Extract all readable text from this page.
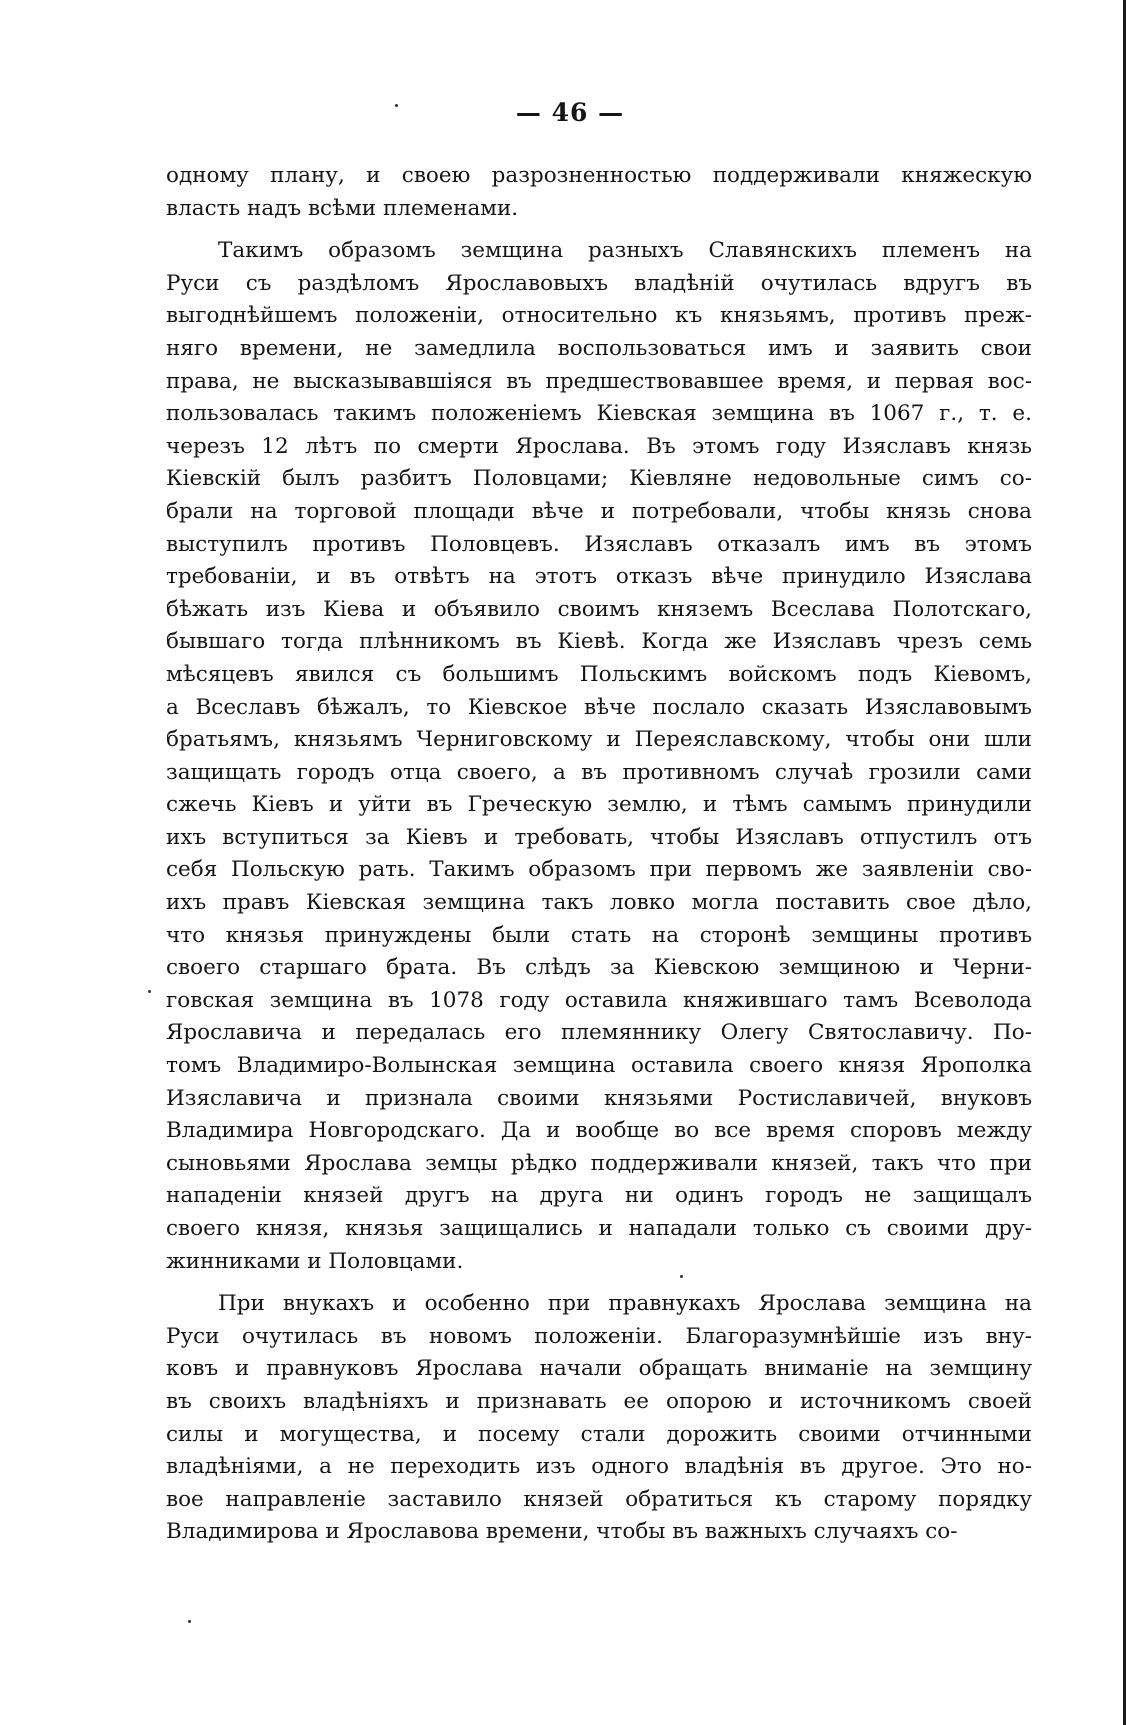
— 46 —
одному плану, и своею разрозненностью поддерживали княжескую
власть надъ всѣми племенами.
Такимъ образомъ земщина разныхъ Славянскихъ племенъ на
Руси съ раздѣломъ Ярославовыхъ владѣній очутилась вдругъ въ
выгоднѣйшемъ положеніи, относительно къ князьямъ, противъ преж-
няго времени, не замедлила воспользоваться имъ и заявить свои
права, не высказывавшіяся въ предшествовавшее время, и первая вос-
пользовалась такимъ положеніемъ Кіевская земщина въ 1067 г., т. е.
черезъ 12 лѣтъ по смерти Ярослава. Въ этомъ году Изяславъ князь
Кіевскій былъ разбитъ Половцами; Кіевляне недовольные симъ со-
брали на торговой площади вѣче и потребовали, чтобы князь снова
выступилъ противъ Половцевъ. Изяславъ отказалъ имъ въ этомъ
требованіи, и въ отвѣтъ на этотъ отказъ вѣче принудило Изяслава
бѣжать изъ Кіева и объявило своимъ княземъ Всеслава Полотскаго,
бывшаго тогда плѣнникомъ въ Кіевѣ. Когда же Изяславъ чрезъ семь
мѣсяцевъ явился съ большимъ Польскимъ войскомъ подъ Кіевомъ,
а Всеславъ бѣжалъ, то Кіевское вѣче послало сказать Изяславовымъ
братьямъ, князьямъ Черниговскому и Переяславскому, чтобы они шли
защищать городъ отца своего, а въ противномъ случаѣ грозили сами
сжечь Кіевъ и уйти въ Греческую землю, и тѣмъ самымъ принудили
ихъ вступиться за Кіевъ и требовать, чтобы Изяславъ отпустилъ отъ
себя Польскую рать. Такимъ образомъ при первомъ же заявленіи сво-
ихъ правъ Кіевская земщина такъ ловко могла поставить свое дѣло,
что князья принуждены были стать на сторонѣ земщины противъ
своего старшаго брата. Въ слѣдъ за Кіевскою земщиною и Черни-
говская земщина въ 1078 году оставила княжившаго тамъ Всеволода
Ярославича и передалась его племяннику Олегу Святославичу. По-
томъ Владимиро-Волынская земщина оставила своего князя Ярополка
Изяславича и признала своими князьями Ростиславичей, внуковъ
Владимира Новгородскаго. Да и вообще во все время споровъ между
сыновьями Ярослава земцы рѣдко поддерживали князей, такъ что при
нападеніи князей другъ на друга ни одинъ городъ не защищалъ
своего князя, князья защищались и нападали только съ своими дру-
жинниками и Половцами.
При внукахъ и особенно при правнукахъ Ярослава земщина на
Руси очутилась въ новомъ положеніи. Благоразумнѣйшіе изъ вну-
ковъ и правнуковъ Ярослава начали обращать вниманіе на земщину
въ своихъ владѣніяхъ и признавать ее опорою и источникомъ своей
силы и могущества, и посему стали дорожить своими отчинными
владѣніями, а не переходить изъ одного владѣнія въ другое. Это но-
вое направленіе заставило князей обратиться къ старому порядку
Владимирова и Ярославова времени, чтобы въ важныхъ случаяхъ со-
